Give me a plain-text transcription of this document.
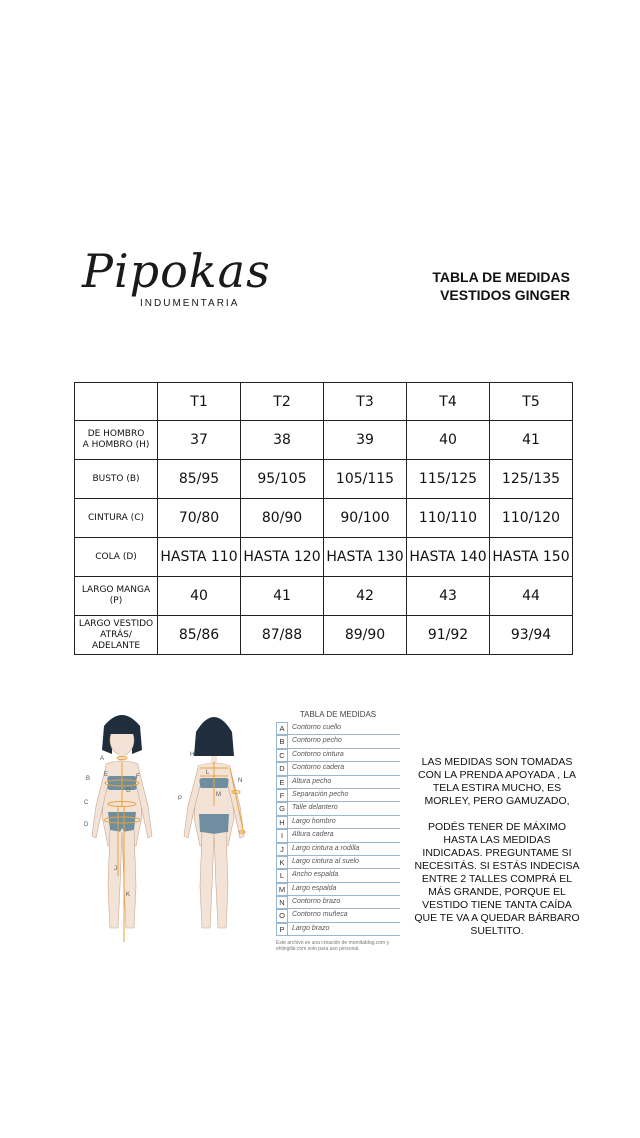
Pipokas
INDUMENTARIA
TABLA DE MEDIDAS
VESTIDOS GINGER
	T1	T2	T3	T4	T5
DE HOMBRO
A HOMBRO (H)	37	38	39	40	41
BUSTO (B)	85/95	95/105	105/115	115/125	125/135
CINTURA (C)	70/80	80/90	90/100	110/110	110/120
COLA (D)	HASTA 110	HASTA 120	HASTA 130	HASTA 140	HASTA 150
LARGO MANGA
(P)	40	41	42	43	44
LARGO VESTIDO
ATRÁS/ ADELANTE	85/86	87/88	89/90	91/92	93/94
A
B
C
D
E	F
G
J
K
H
L
M
N
P
TABLA DE MEDIDAS
A	Contorno cuello
B	Contorno pecho
C	Contorno cintura
D	Contorno cadera
E	Altura pecho
F	Separación pecho
G	Talle delantero
H	Largo hombro
I	Altura cadera
J	Largo cintura a rodilla
K	Largo cintura al suelo
L	Ancho espalda
M Largo espalda
N	Contorno brazo
O	Contorno muñeca
P	Largo brazo
Este archivo es una creación de momitablog.com y ehlingilla.com solo para uso personal.

LAS MEDIDAS SON TOMADAS CON LA PRENDA APOYADA , LA TELA ESTIRA MUCHO, ES MORLEY, PERO GAMUZADO,

PODÉS TENER DE MÁXIMO HASTA LAS MEDIDAS INDICADAS. PREGUNTAME SI NECESITÁS. SI ESTÁS INDECISA ENTRE 2 TALLES COMPRÁ EL MÁS GRANDE, PORQUE EL VESTIDO TIENE TANTA CAÍDA QUE TE VA A QUEDAR BÁRBARO SUELTITO.
